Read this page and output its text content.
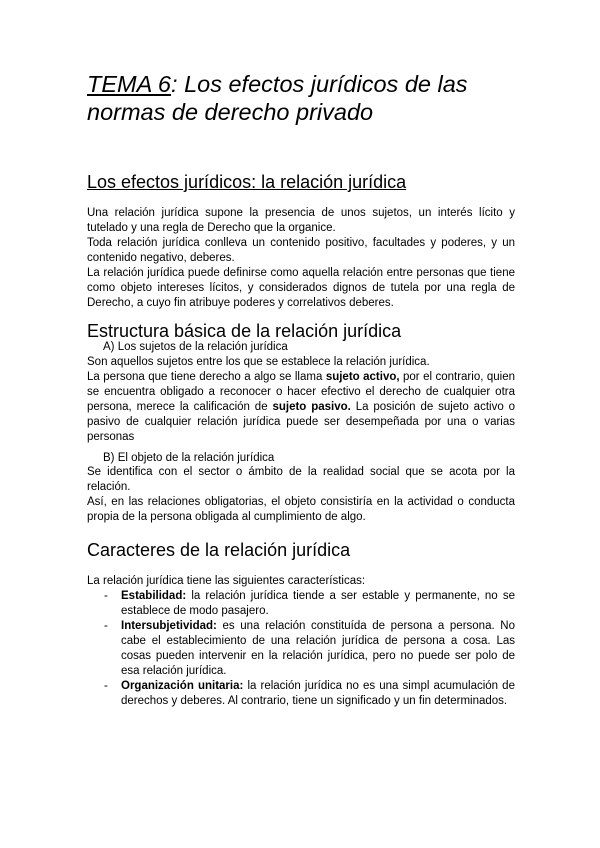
TEMA 6: Los efectos jurídicos de las normas de derecho privado
Los efectos jurídicos: la relación jurídica

Una relación jurídica supone la presencia de unos sujetos, un interés lícito y tutelado y una regla de Derecho que la organice.

Toda relación jurídica conlleva un contenido positivo, facultades y poderes, y un contenido negativo, deberes.

La relación jurídica puede definirse como aquella relación entre personas que tiene como objeto intereses lícitos, y considerados dignos de tutela por una regla de Derecho, a cuyo fin atribuye poderes y correlativos deberes.

Estructura básica de la relación jurídica
A) Los sujetos de la relación jurídica

Son aquellos sujetos entre los que se establece la relación jurídica.

La persona que tiene derecho a algo se llama sujeto activo, por el contrario, quien se encuentra obligado a reconocer o hacer efectivo el derecho de cualquier otra persona, merece la calificación de sujeto pasivo. La posición de sujeto activo o pasivo de cualquier relación jurídica puede ser desempeñada por una o varias personas

B) El objeto de la relación jurídica

Se identifica con el sector o ámbito de la realidad social que se acota por la relación.

Así, en las relaciones obligatorias, el objeto consistiría en la actividad o conducta propia de la persona obligada al cumplimiento de algo.

Caracteres de la relación jurídica
La relación jurídica tiene las siguientes características:
- Estabilidad: la relación jurídica tiende a ser estable y permanente, no se establece de modo pasajero.
- Intersubjetividad: es una relación constituída de persona a persona. No cabe el establecimiento de una relación jurídica de persona a cosa. Las cosas pueden intervenir en la relación jurídica, pero no puede ser polo de esa relación jurídica.
- Organización unitaria: la relación jurídica no es una simpl acumulación de derechos y deberes. Al contrario, tiene un significado y un fin determinados.
